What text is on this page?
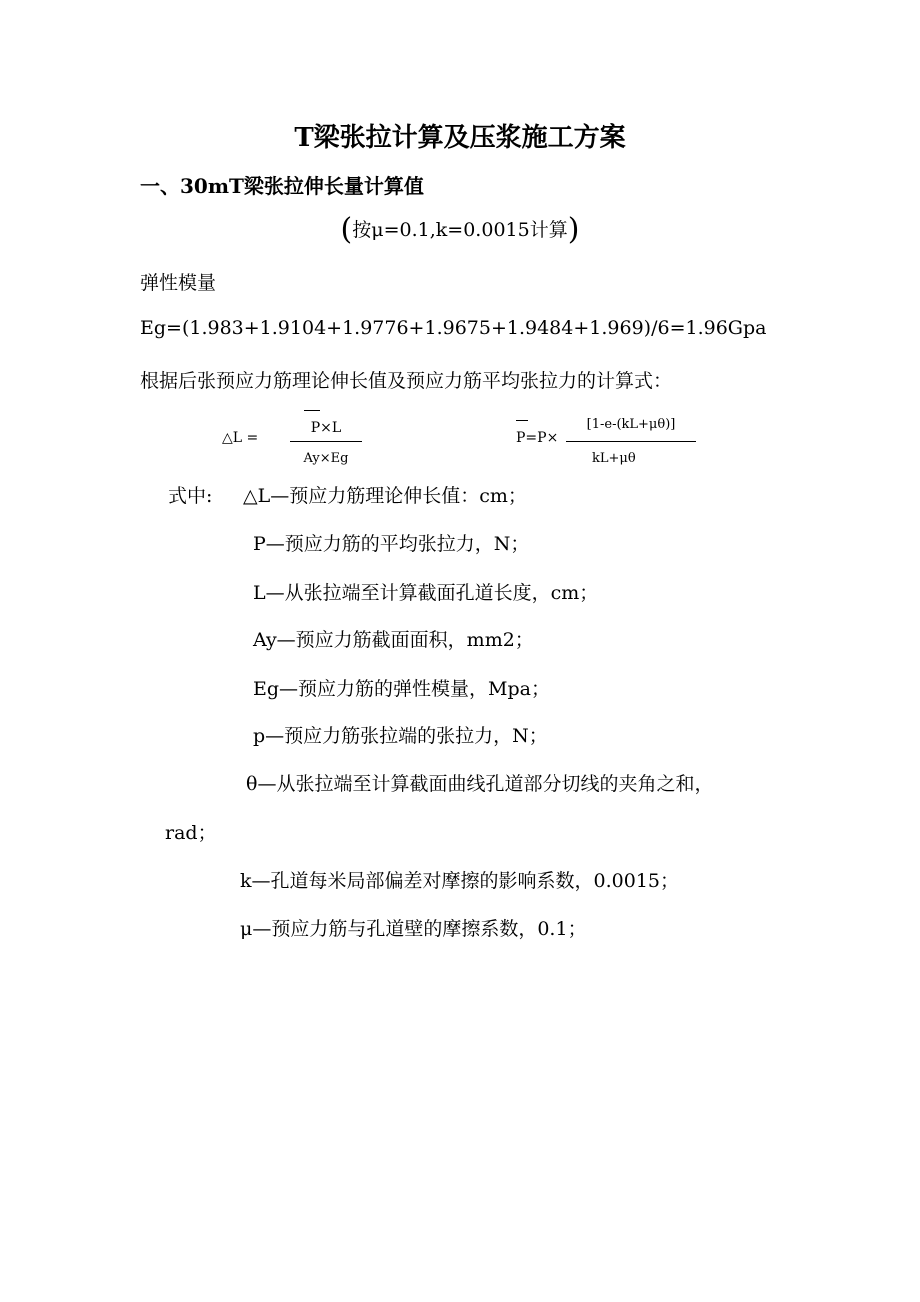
T梁张拉计算及压浆施工方案
一、30mT梁张拉伸长量计算值
(按μ=0.1,k=0.0015计算)
弹性模量
Eg=(1.983+1.9104+1.9776+1.9675+1.9484+1.969)/6=1.96Gpa
根据后张预应力筋理论伸长值及预应力筋平均张拉力的计算式：
△L =
P×L
Ay×Eg
P=P×
[1-e-(kL+μθ)]
kL+μθ
式中: △L—预应力筋理论伸长值：cm；
P—预应力筋的平均张拉力，N；
L—从张拉端至计算截面孔道长度，cm；
Ay—预应力筋截面面积，mm2；
Eg—预应力筋的弹性模量，Mpa；
p—预应力筋张拉端的张拉力，N；
θ—从张拉端至计算截面曲线孔道部分切线的夹角之和，
rad；
k—孔道每米局部偏差对摩擦的影响系数，0.0015；
μ—预应力筋与孔道壁的摩擦系数，0.1；
